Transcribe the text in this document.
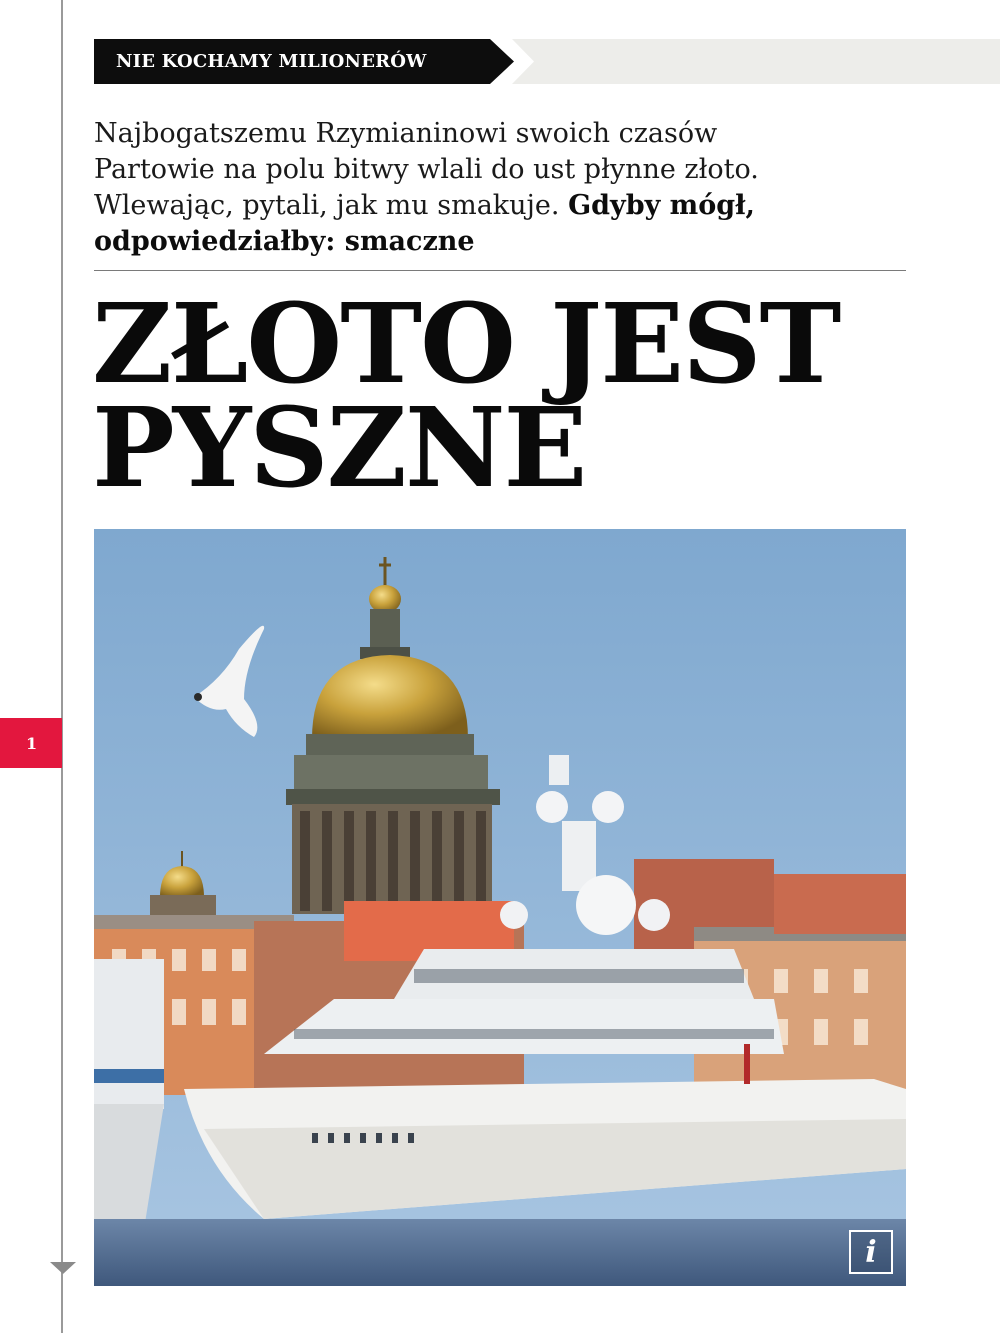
1
NIE KOCHAMY MILIONERÓW
Najbogatszemu Rzymianinowi swoich czasów
Partowie na polu bitwy wlali do ust płynne złoto.
Wlewając, pytali, jak mu smakuje. Gdyby mógł,
odpowiedziałby: smaczne
ZŁOTO JEST
PYSZNE
i
